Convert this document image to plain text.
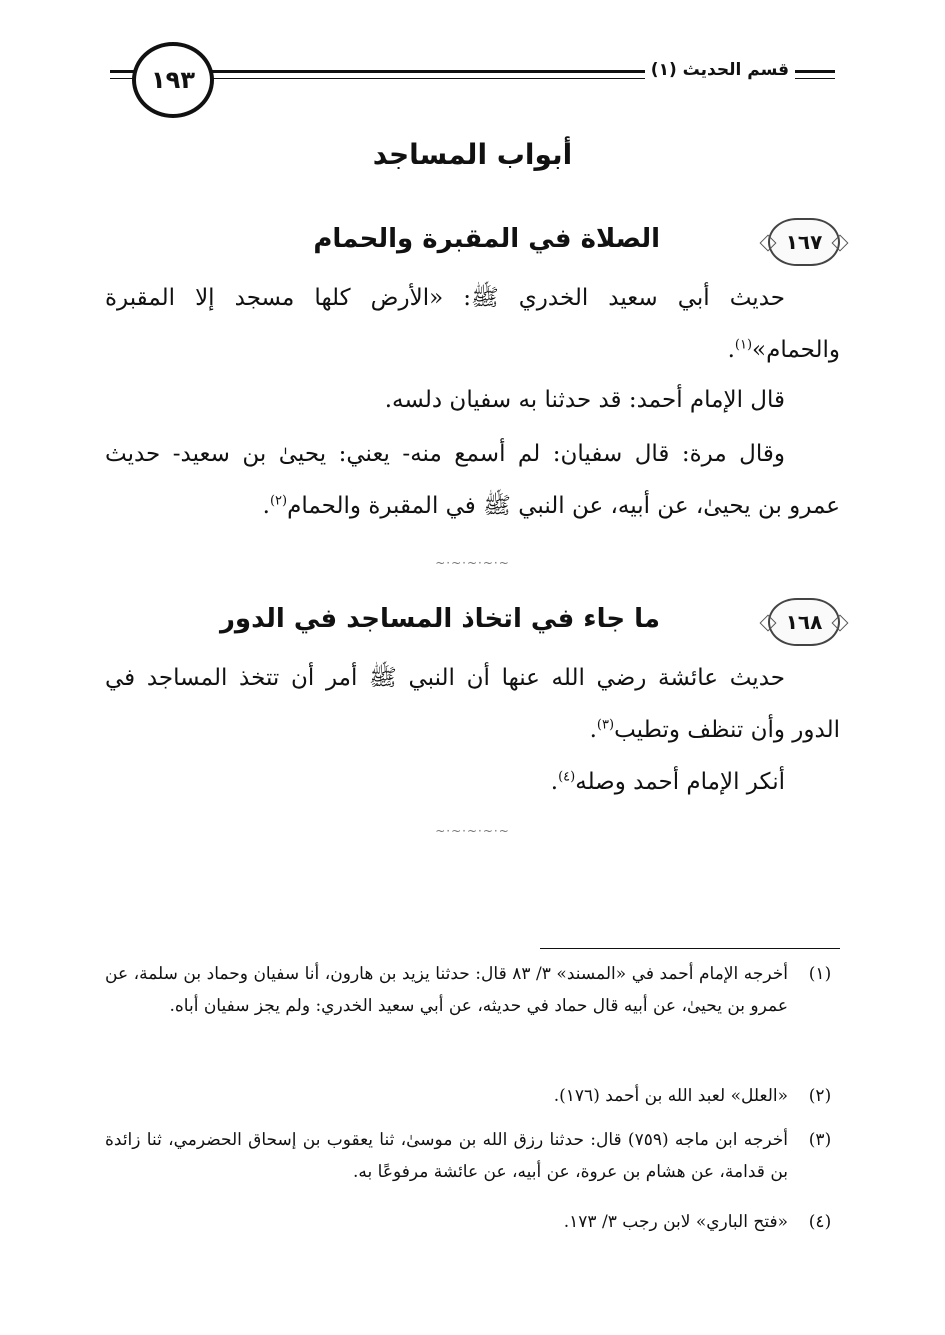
قسم الحديث (١)
١٩٣
أبواب المساجد
١٦٧
الصلاة في المقبرة والحمام

حديث أبي سعيد الخدري ﷺ: «الأرض كلها مسجد إلا المقبرة والحمام»$^{(١)}$.

قال الإمام أحمد: قد حدثنا به سفيان دلسه.

وقال مرة: قال سفيان: لم أسمع منه- يعني: يحيىٰ بن سعيد- حديث عمرو بن يحيىٰ، عن أبيه، عن النبي ﷺ في المقبرة والحمام$^{(٢)}$.

~·~·~·~·~
١٦٨
ما جاء في اتخاذ المساجد في الدور

حديث عائشة رضي الله عنها أن النبي ﷺ أمر أن تتخذ المساجد في الدور وأن تنظف وتطيب$^{(٣)}$.

أنكر الإمام أحمد وصله$^{(٤)}$.

~·~·~·~·~

(١)
أخرجه الإمام أحمد في «المسند» ٣/ ٨٣ قال: حدثنا يزيد بن هارون، أنا سفيان وحماد بن سلمة، عن عمرو بن يحيىٰ، عن أبيه قال حماد في حديثه، عن أبي سعيد الخدري: ولم يجز سفيان أباه.

(٢)
«العلل» لعبد الله بن أحمد (١٧٦).

(٣)
أخرجه ابن ماجه (٧٥٩) قال: حدثنا رزق الله بن موسىٰ، ثنا يعقوب بن إسحاق الحضرمي، ثنا زائدة بن قدامة، عن هشام بن عروة، عن أبيه، عن عائشة مرفوعًا به.

(٤)
«فتح الباري» لابن رجب ٣/ ١٧٣.
